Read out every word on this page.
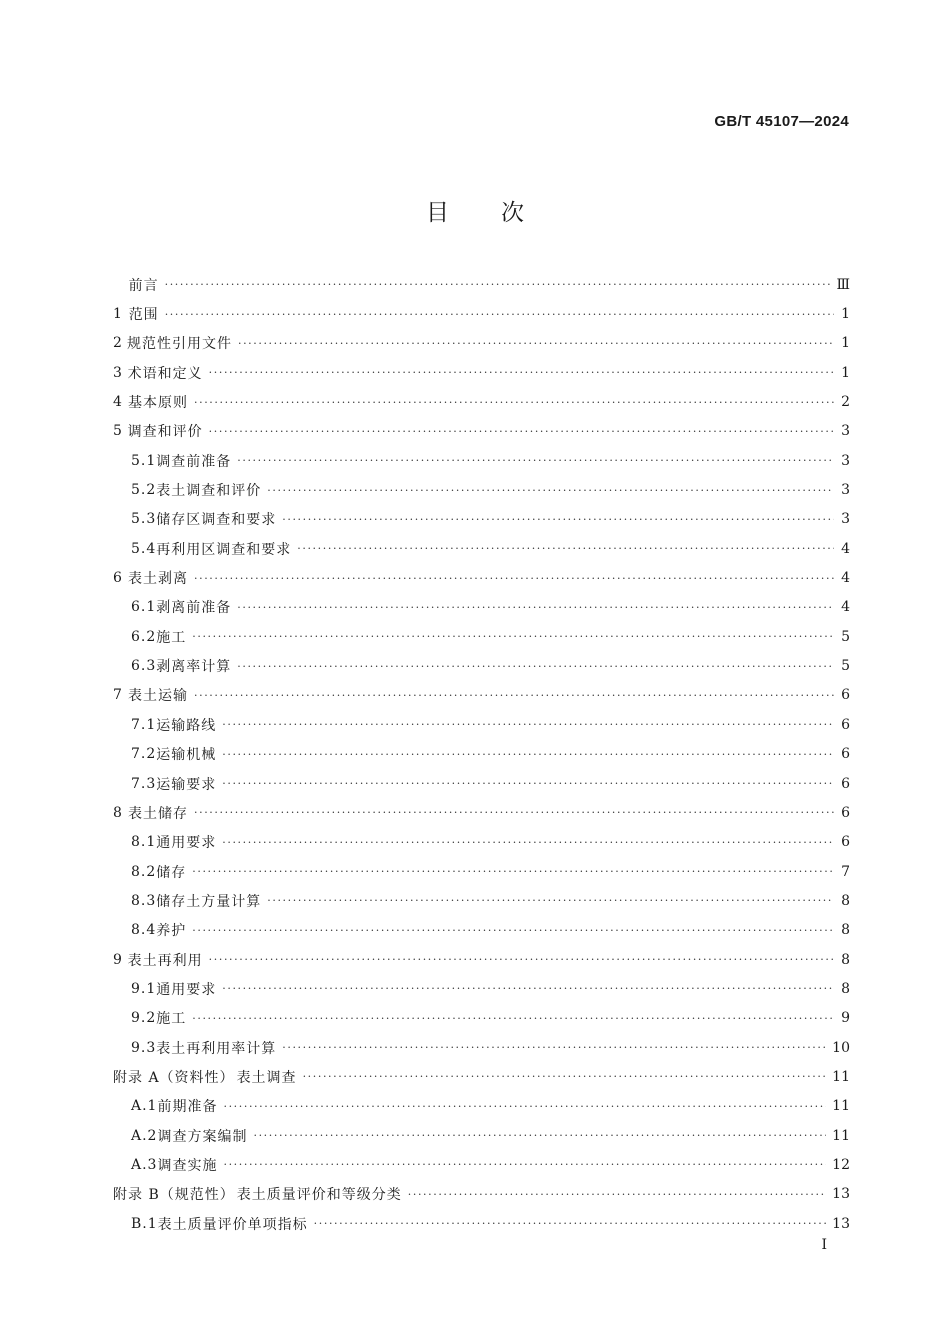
GB/T 45107—2024
目次
前言 ·····	Ⅲ
1 范围 ·····	1
2 规范性引用文件 ·····	1
3 术语和定义 ·····	1
4 基本原则 ·····	2
5 调查和评价 ·····	3
5.1 调查前准备 ·····	3
5.2 表土调查和评价 ·····	3
5.3 储存区调查和要求 ·····	3
5.4 再利用区调查和要求 ·····	4
6 表土剥离 ·····	4
6.1 剥离前准备 ·····	4
6.2 施工 ·····	5
6.3 剥离率计算 ·····	5
7 表土运输 ·····	6
7.1 运输路线 ·····	6
7.2 运输机械 ·····	6
7.3 运输要求 ·····	6
8 表土储存 ·····	6
8.1 通用要求 ·····	6
8.2 储存 ·····	7
8.3 储存土方量计算 ·····	8
8.4 养护 ·····	8
9 表土再利用 ·····	8
9.1 通用要求 ·····	8
9.2 施工 ·····	9
9.3 表土再利用率计算 ·····	10
附录 A（资料性） 表土调查 ·····	11
A.1 前期准备 ·····	11
A.2 调查方案编制 ·····	11
A.3 调查实施 ·····	12
附录 B（规范性） 表土质量评价和等级分类 ·····	13
B.1 表土质量评价单项指标 ·····	13
I
